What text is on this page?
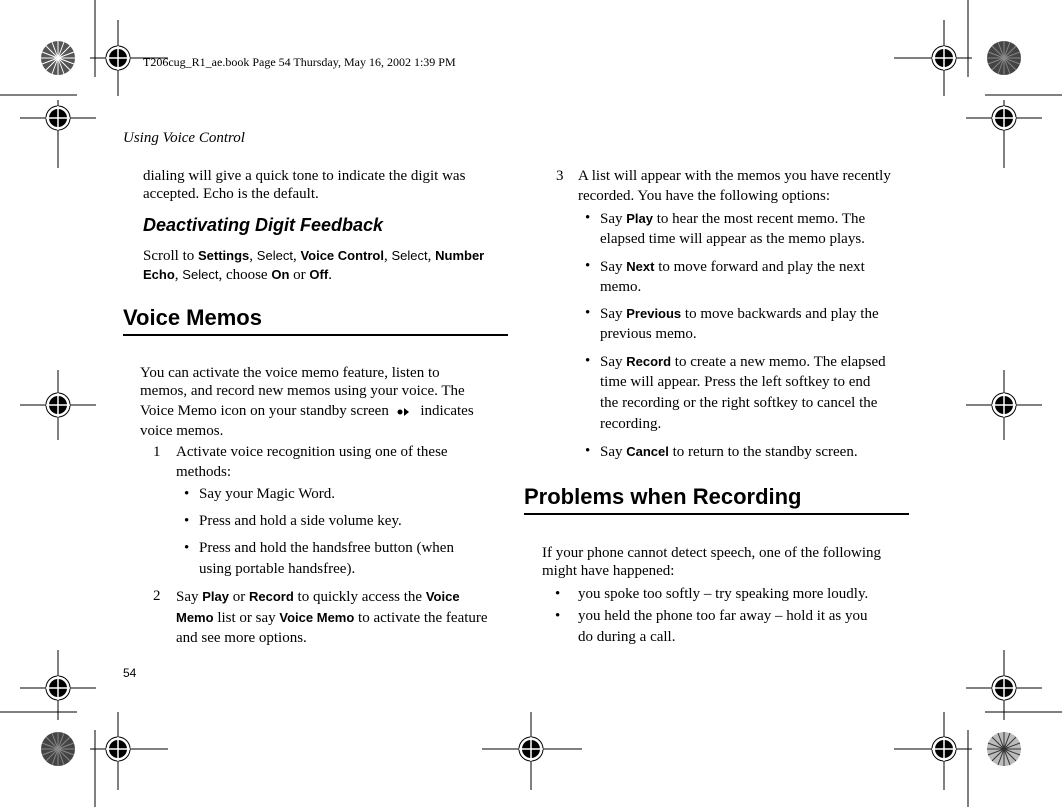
T206cug_R1_ae.book Page 54 Thursday, May 16, 2002 1:39 PM
Using Voice Control
dialing will give a quick tone to indicate the digit was
accepted. Echo is the default.
Deactivating Digit Feedback
Scroll to Settings, Select, Voice Control, Select, Number
Echo, Select, choose On or Off.
Voice Memos
You can activate the voice memo feature, listen to
memos, and record new memos using your voice. The
Voice Memo icon on your standby screen indicates
voice memos.
1 Activate voice recognition using one of these
methods:
• Say your Magic Word.
• Press and hold a side volume key.
• Press and hold the handsfree button (when
using portable handsfree).
2 Say Play or Record to quickly access the Voice
Memo list or say Voice Memo to activate the feature
and see more options.
54
3 A list will appear with the memos you have recently
recorded. You have the following options:
• Say Play to hear the most recent memo. The
elapsed time will appear as the memo plays.
• Say Next to move forward and play the next
memo.
• Say Previous to move backwards and play the
previous memo.
• Say Record to create a new memo. The elapsed
time will appear. Press the left softkey to end
the recording or the right softkey to cancel the
recording.
• Say Cancel to return to the standby screen.
Problems when Recording
If your phone cannot detect speech, one of the following
might have happened:
• you spoke too softly – try speaking more loudly.
• you held the phone too far away – hold it as you
do during a call.
